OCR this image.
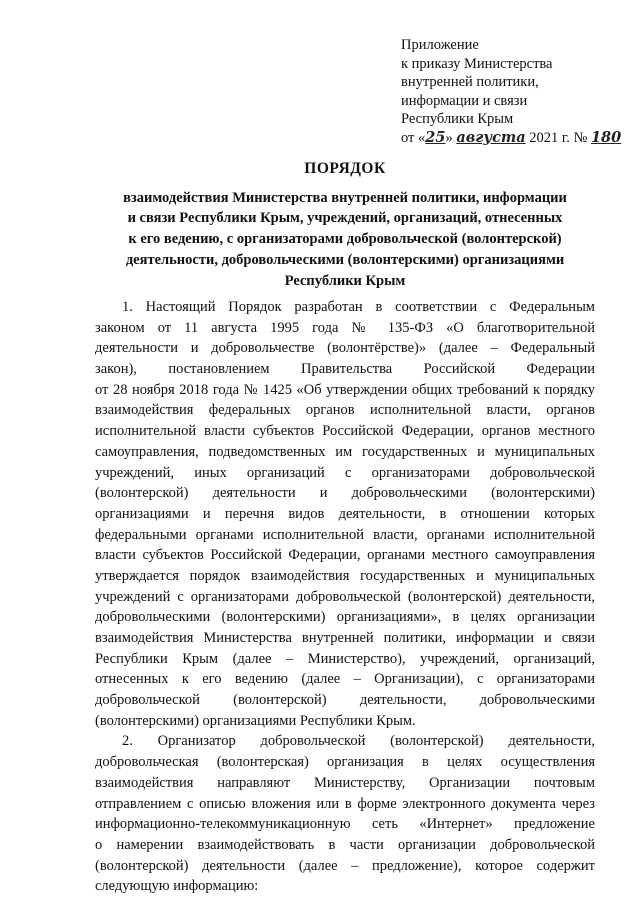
Приложение
к приказу Министерства
внутренней политики,
информации и связи
Республики Крым
от «25» августа 2021 г. № 180
ПОРЯДОК
взаимодействия Министерства внутренней политики, информации
и связи Республики Крым, учреждений, организаций, отнесенных
к его ведению, с организаторами добровольческой (волонтерской)
деятельности, добровольческими (волонтерскими) организациями
Республики Крым
1. Настоящий Порядок разработан в соответствии с Федеральным
законом от 11 августа 1995 года № 135-ФЗ «О благотворительной
деятельности и добровольчестве (волонтёрстве)» (далее – Федеральный
закон), постановлением Правительства Российской Федерации
от 28 ноября 2018 года № 1425 «Об утверждении общих требований к порядку
взаимодействия федеральных органов исполнительной власти, органов
исполнительной власти субъектов Российской Федерации, органов местного
самоуправления, подведомственных им государственных и муниципальных
учреждений, иных организаций с организаторами добровольческой
(волонтерской) деятельности и добровольческими (волонтерскими)
организациями и перечня видов деятельности, в отношении которых
федеральными органами исполнительной власти, органами исполнительной
власти субъектов Российской Федерации, органами местного самоуправления
утверждается порядок взаимодействия государственных и муниципальных
учреждений с организаторами добровольческой (волонтерской) деятельности,
добровольческими (волонтерскими) организациями», в целях организации
взаимодействия Министерства внутренней политики, информации и связи
Республики Крым (далее – Министерство), учреждений, организаций,
отнесенных к его ведению (далее – Организации), с организаторами
добровольческой (волонтерской) деятельности, добровольческими
(волонтерскими) организациями Республики Крым.
2. Организатор добровольческой (волонтерской) деятельности,
добровольческая (волонтерская) организация в целях осуществления
взаимодействия направляют Министерству, Организации почтовым
отправлением с описью вложения или в форме электронного документа через
информационно-телекоммуникационную сеть «Интернет» предложение
о намерении взаимодействовать в части организации добровольческой
(волонтерской) деятельности (далее – предложение), которое содержит
следующую информацию:
